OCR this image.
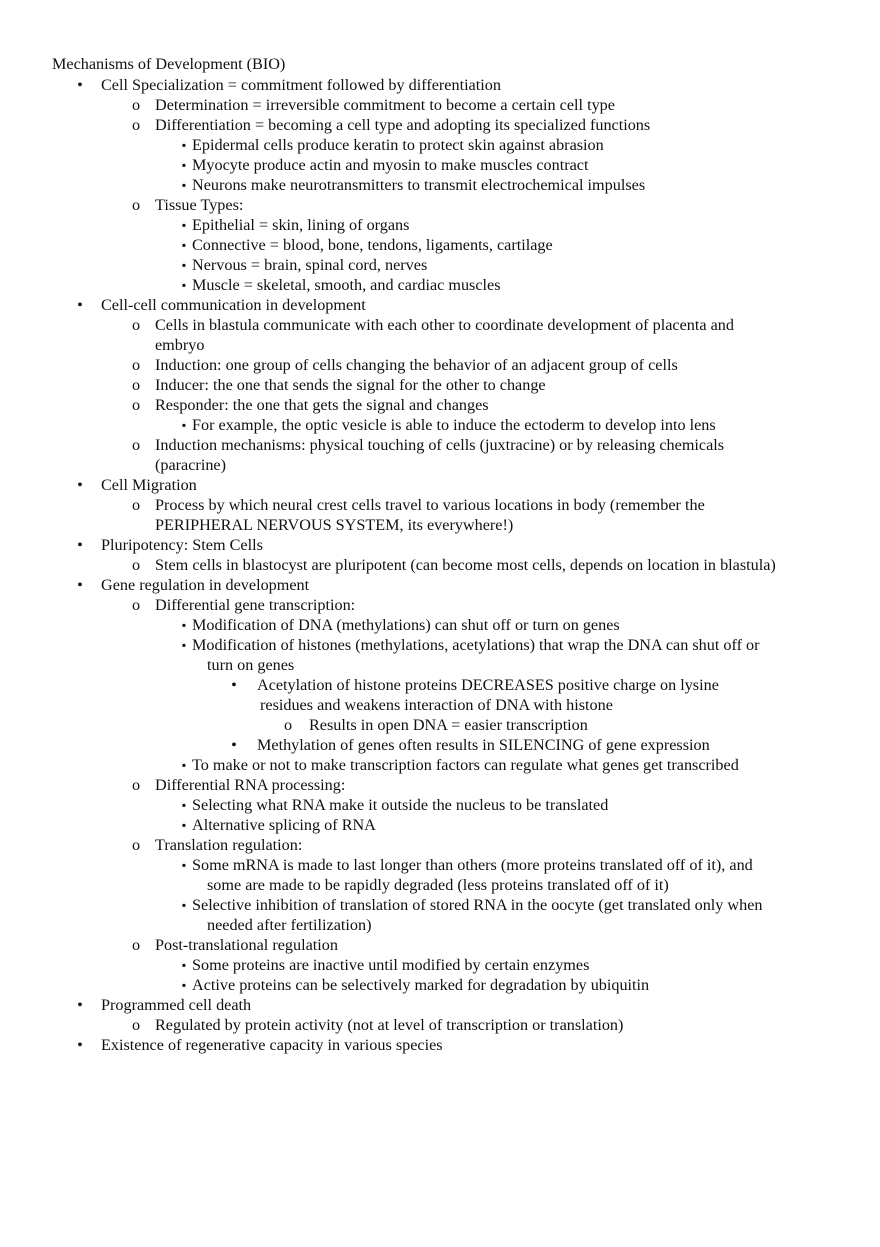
Mechanisms of Development (BIO)
• Cell Specialization = commitment followed by differentiation
o Determination = irreversible commitment to become a certain cell type
o Differentiation = becoming a cell type and adopting its specialized functions
▪ Epidermal cells produce keratin to protect skin against abrasion
▪ Myocyte produce actin and myosin to make muscles contract
▪ Neurons make neurotransmitters to transmit electrochemical impulses
o Tissue Types:
▪ Epithelial = skin, lining of organs
▪ Connective = blood, bone, tendons, ligaments, cartilage
▪ Nervous = brain, spinal cord, nerves
▪ Muscle = skeletal, smooth, and cardiac muscles
• Cell-cell communication in development
o Cells in blastula communicate with each other to coordinate development of placenta and
embryo
o Induction: one group of cells changing the behavior of an adjacent group of cells
o Inducer: the one that sends the signal for the other to change
o Responder: the one that gets the signal and changes
▪ For example, the optic vesicle is able to induce the ectoderm to develop into lens
o Induction mechanisms: physical touching of cells (juxtracine) or by releasing chemicals
(paracrine)
• Cell Migration
o Process by which neural crest cells travel to various locations in body (remember the
PERIPHERAL NERVOUS SYSTEM, its everywhere!)
• Pluripotency: Stem Cells
o Stem cells in blastocyst are pluripotent (can become most cells, depends on location in blastula)
• Gene regulation in development
o Differential gene transcription:
▪ Modification of DNA (methylations) can shut off or turn on genes
▪ Modification of histones (methylations, acetylations) that wrap the DNA can shut off or
turn on genes
• Acetylation of histone proteins DECREASES positive charge on lysine
residues and weakens interaction of DNA with histone
o Results in open DNA = easier transcription
• Methylation of genes often results in SILENCING of gene expression
▪ To make or not to make transcription factors can regulate what genes get transcribed
o Differential RNA processing:
▪ Selecting what RNA make it outside the nucleus to be translated
▪ Alternative splicing of RNA
o Translation regulation:
▪ Some mRNA is made to last longer than others (more proteins translated off of it), and
some are made to be rapidly degraded (less proteins translated off of it)
▪ Selective inhibition of translation of stored RNA in the oocyte (get translated only when
needed after fertilization)
o Post-translational regulation
▪ Some proteins are inactive until modified by certain enzymes
▪ Active proteins can be selectively marked for degradation by ubiquitin
• Programmed cell death
o Regulated by protein activity (not at level of transcription or translation)
• Existence of regenerative capacity in various species
